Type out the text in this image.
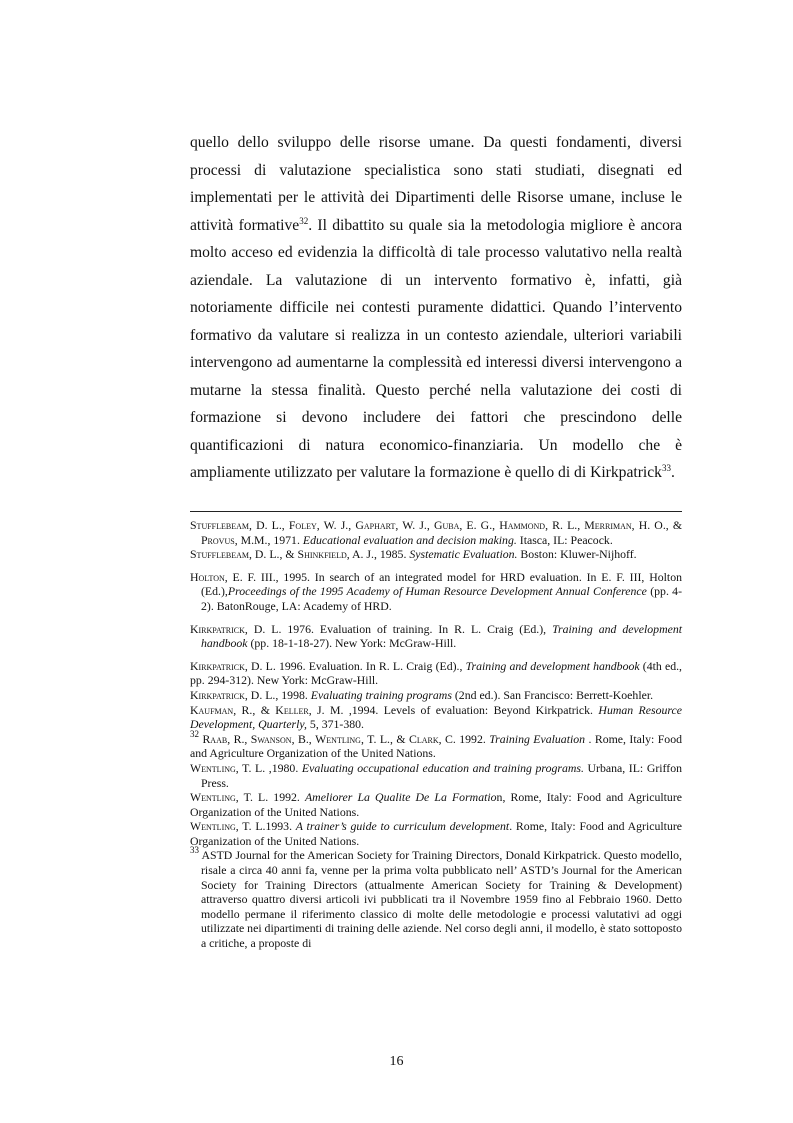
quello dello sviluppo delle risorse umane. Da questi fondamenti, diversi
processi di valutazione specialistica sono stati studiati, disegnati ed
implementati per le attività dei Dipartimenti delle Risorse umane, incluse le
attività formative$^{32}$. Il dibattito su quale sia la metodologia migliore è ancora
molto acceso ed evidenzia la difficoltà di tale processo valutativo nella realtà
aziendale. La valutazione di un intervento formativo è, infatti, già
notoriamente difficile nei contesti puramente didattici. Quando l’intervento
formativo da valutare si realizza in un contesto aziendale, ulteriori variabili
intervengono ad aumentarne la complessità ed interessi diversi intervengono a
mutarne la stessa finalità. Questo perché nella valutazione dei costi di
formazione si devono includere dei fattori che prescindono delle
quantificazioni di natura economico-finanziaria. Un modello che è
ampliamente utilizzato per valutare la formazione è quello di di Kirkpatrick$^{33}$.

Stufflebeam, D. L., Foley, W. J., Gaphart, W. J., Guba, E. G., Hammond, R. L., Merriman, H. O., & Provus, M.M., 1971. Educational evaluation and decision making. Itasca, IL: Peacock.

Stufflebeam, D. L., & Shinkfield, A. J., 1985. Systematic Evaluation. Boston: Kluwer-Nijhoff.

Holton, E. F. III., 1995. In search of an integrated model for HRD evaluation. In E. F. III, Holton (Ed.),Proceedings of the 1995 Academy of Human Resource Development Annual Conference (pp. 4-2). BatonRouge, LA: Academy of HRD.

Kirkpatrick, D. L. 1976. Evaluation of training. In R. L. Craig (Ed.), Training and development handbook (pp. 18-1-18-27). New York: McGraw-Hill.

Kirkpatrick, D. L. 1996. Evaluation. In R. L. Craig (Ed)., Training and development handbook (4th ed., pp. 294-312). New York: McGraw-Hill.

Kirkpatrick, D. L., 1998. Evaluating training programs (2nd ed.). San Francisco: Berrett-Koehler.

Kaufman, R., & Keller, J. M. ,1994. Levels of evaluation: Beyond Kirkpatrick. Human Resource Development, Quarterly, 5, 371-380.

$^{32}$ Raab, R., Swanson, B., Wentling, T. L., & Clark, C. 1992. Training Evaluation . Rome, Italy: Food and Agriculture Organization of the United Nations.

Wentling, T. L. ,1980. Evaluating occupational education and training programs. Urbana, IL: Griffon Press.

Wentling, T. L. 1992. Ameliorer La Qualite De La Formation, Rome, Italy: Food and Agriculture Organization of the United Nations.

Wentling, T. L.1993. A trainer’s guide to curriculum development. Rome, Italy: Food and Agriculture Organization of the United Nations.

$^{33}$ ASTD Journal for the American Society for Training Directors, Donald Kirkpatrick. Questo modello, risale a circa 40 anni fa, venne per la prima volta pubblicato nell’ ASTD’s Journal for the American Society for Training Directors (attualmente American Society for Training & Development) attraverso quattro diversi articoli ivi pubblicati tra il Novembre 1959 fino al Febbraio 1960. Detto modello permane il riferimento classico di molte delle metodologie e processi valutativi ad oggi utilizzate nei dipartimenti di training delle aziende. Nel corso degli anni, il modello, è stato sottoposto a critiche, a proposte di

16
